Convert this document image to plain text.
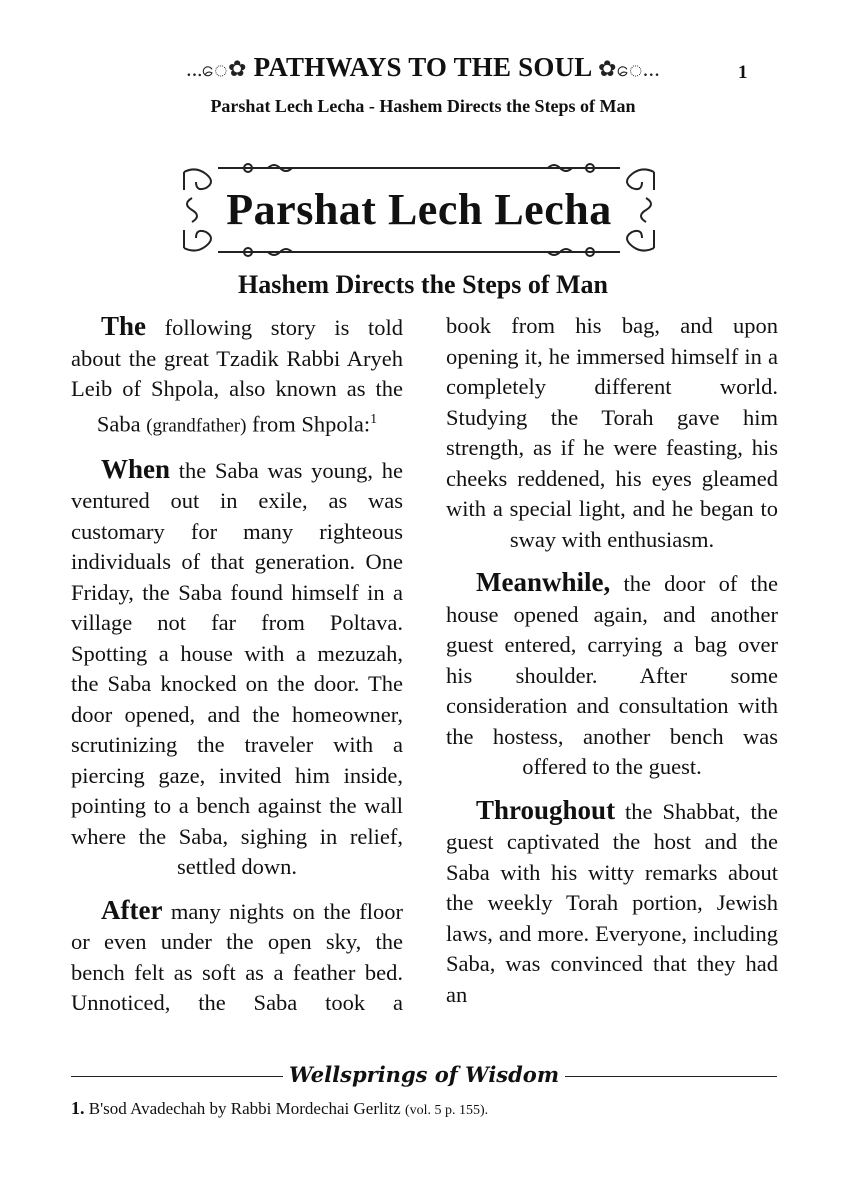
...ေ✿ PATHWAYS TO THE SOUL ✿ေ...	1
Parshat Lech Lecha - Hashem Directs the Steps of Man
Parshat Lech Lecha
Hashem Directs the Steps of Man

The following story is told about the great Tzadik Rabbi Aryeh Leib of Shpola, also known as the Saba (grandfather) from Shpola:$^1$

When the Saba was young, he ventured out in exile, as was customary for many righteous individuals of that generation. One Friday, the Saba found himself in a village not far from Poltava. Spotting a house with a mezuzah, the Saba knocked on the door. The door opened, and the homeowner, scrutinizing the traveler with a piercing gaze, invited him inside, pointing to a bench against the wall where the Saba, sighing in relief, settled down.

After many nights on the floor or even under the open sky, the bench felt as soft as a feather bed. Unnoticed, the Saba took a

book from his bag, and upon opening it, he immersed himself in a completely different world. Studying the Torah gave him strength, as if he were feasting, his cheeks reddened, his eyes gleamed with a special light, and he began to sway with enthusiasm.

Meanwhile, the door of the house opened again, and another guest entered, carrying a bag over his shoulder. After some consideration and consultation with the hostess, another bench was offered to the guest.

Throughout the Shabbat, the guest captivated the host and the Saba with his witty remarks about the weekly Torah portion, Jewish laws, and more. Everyone, including Saba, was convinced that they had an

Wellsprings of Wisdom
1. B'sod Avadechah by Rabbi Mordechai Gerlitz (vol. 5 p. 155).
